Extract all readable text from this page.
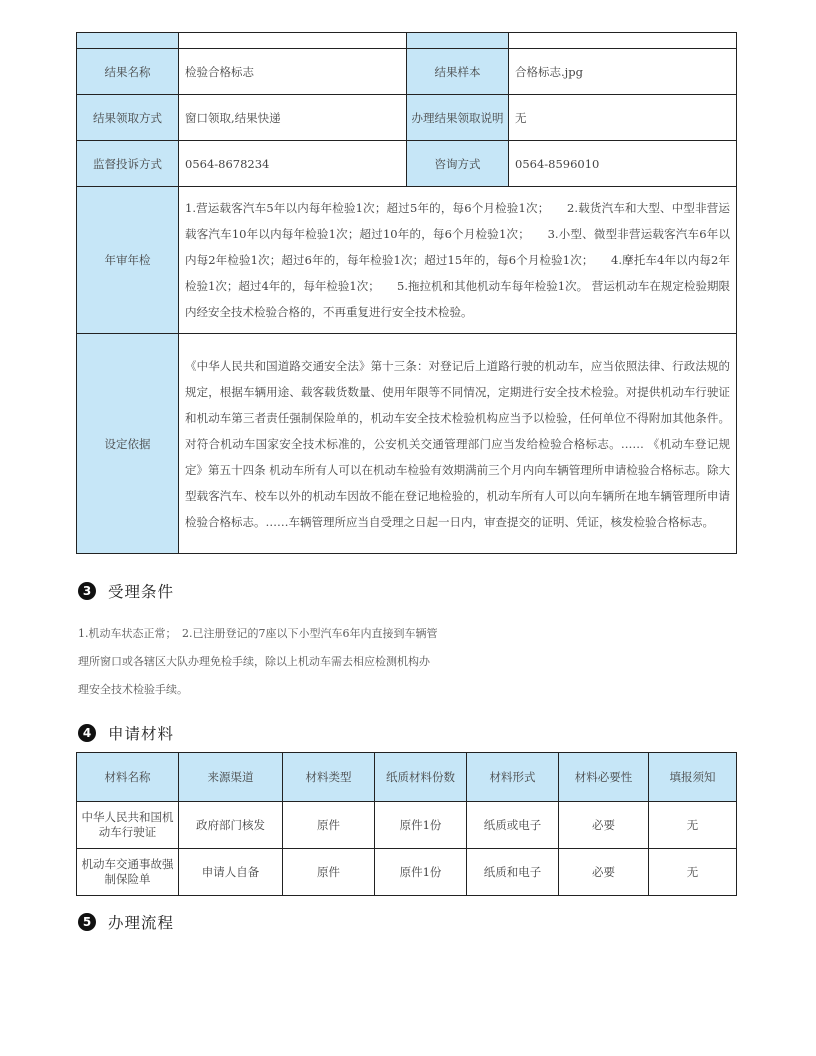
结果名称	检验合格标志	结果样本	合格标志.jpg
结果领取方式	窗口领取,结果快递	办理结果领取说明	无
监督投诉方式	0564-8678234	咨询方式	0564-8596010
年审年检	1.营运载客汽车5年以内每年检验1次；超过5年的，每6个月检验1次；　　2.载货汽车和大型、中型非营运载客汽车10年以内每年检验1次；超过10年的，每6个月检验1次；　　3.小型、微型非营运载客汽车6年以内每2年检验1次；超过6年的，每年检验1次；超过15年的，每6个月检验1次；　　4.摩托车4年以内每2年检验1次；超过4年的，每年检验1次；　　5.拖拉机和其他机动车每年检验1次。 营运机动车在规定检验期限内经安全技术检验合格的，不再重复进行安全技术检验。		
设定依据	《中华人民共和国道路交通安全法》第十三条：对登记后上道路行驶的机动车，应当依照法律、行政法规的规定，根据车辆用途、载客载货数量、使用年限等不同情况，定期进行安全技术检验。对提供机动车行驶证和机动车第三者责任强制保险单的，机动车安全技术检验机构应当予以检验，任何单位不得附加其他条件。对符合机动车国家安全技术标准的，公安机关交通管理部门应当发给检验合格标志。…… 《机动车登记规定》第五十四条 机动车所有人可以在机动车检验有效期满前三个月内向车辆管理所申请检验合格标志。除大型载客汽车、校车以外的机动车因故不能在登记地检验的，机动车所有人可以向车辆所在地车辆管理所申请检验合格标志。……车辆管理所应当自受理之日起一日内，审查提交的证明、凭证，核发检验合格标志。		
3	受理条件
1.机动车状态正常；　2.已注册登记的7座以下小型汽车6年内直接到车辆管
理所窗口或各辖区大队办理免检手续，除以上机动车需去相应检测机构办
理安全技术检验手续。
4	申请材料
材料名称	来源渠道	材料类型	纸质材料份数	材料形式	材料必要性	填报须知
中华人民共和国机动车行驶证	政府部门核发	原件	原件1份	纸质或电子	必要	无
机动车交通事故强制保险单	申请人自备	原件	原件1份	纸质和电子	必要	无
5	办理流程
